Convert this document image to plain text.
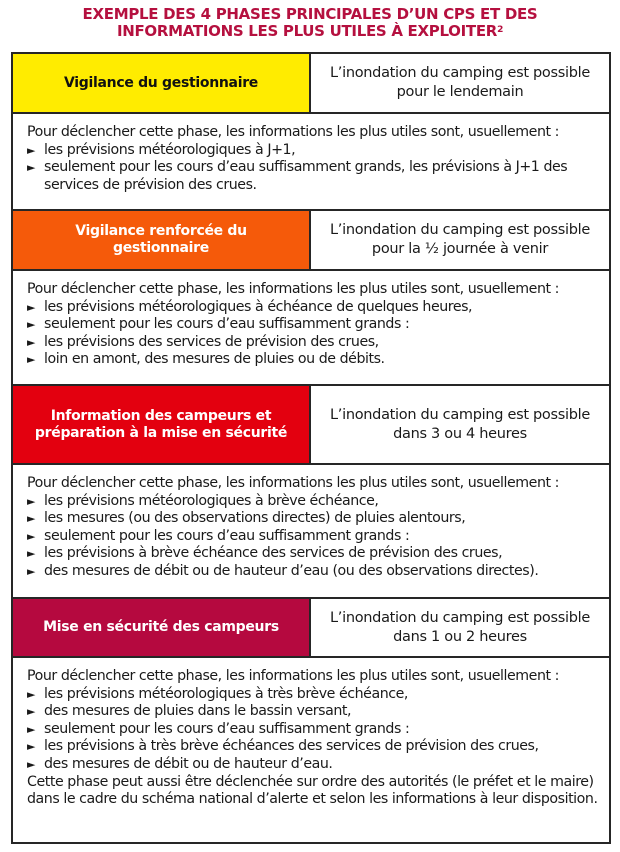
EXEMPLE DES 4 PHASES PRINCIPALES D’UN CPS ET DES
INFORMATIONS LES PLUS UTILES À EXPLOITER$^2$
Vigilance du gestionnaire
L’inondation du camping est possible pour le lendemain
Pour déclencher cette phase, les informations les plus utiles sont, usuellement :
► les prévisions météorologiques à J+1,
► seulement pour les cours d’eau suffisamment grands, les prévisions à J+1 des services de prévision des crues.
Vigilance renforcée du gestionnaire
L’inondation du camping est possible pour la ½ journée à venir
Pour déclencher cette phase, les informations les plus utiles sont, usuellement :
► les prévisions météorologiques à échéance de quelques heures,
► seulement pour les cours d’eau suffisamment grands :
► les prévisions des services de prévision des crues,
► loin en amont, des mesures de pluies ou de débits.
Information des campeurs et préparation à la mise en sécurité
L’inondation du camping est possible dans 3 ou 4 heures
Pour déclencher cette phase, les informations les plus utiles sont, usuellement :
► les prévisions météorologiques à brève échéance,
► les mesures (ou des observations directes) de pluies alentours,
► seulement pour les cours d’eau suffisamment grands :
► les prévisions à brève échéance des services de prévision des crues,
► des mesures de débit ou de hauteur d’eau (ou des observations directes).
Mise en sécurité des campeurs
L’inondation du camping est possible dans 1 ou 2 heures
Pour déclencher cette phase, les informations les plus utiles sont, usuellement :
► les prévisions météorologiques à très brève échéance,
► des mesures de pluies dans le bassin versant,
► seulement pour les cours d’eau suffisamment grands :
► les prévisions à très brève échéances des services de prévision des crues,
► des mesures de débit ou de hauteur d’eau.
Cette phase peut aussi être déclenchée sur ordre des autorités (le préfet et le maire) dans le cadre du schéma national d’alerte et selon les informations à leur disposition.
